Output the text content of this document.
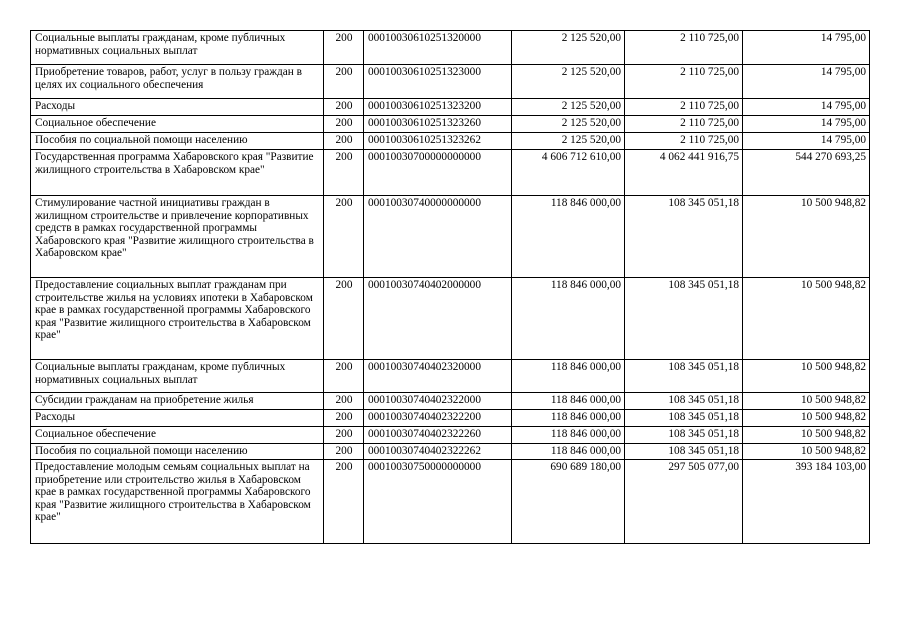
Социальные выплаты гражданам, кроме публичных нормативных социальных выплат	200	00010030610251320000	2 125 520,00	2 110 725,00	14 795,00
Приобретение товаров, работ, услуг в пользу граждан в целях их социального обеспечения	200	00010030610251323000	2 125 520,00	2 110 725,00	14 795,00
Расходы	200	00010030610251323200	2 125 520,00	2 110 725,00	14 795,00
Социальное обеспечение	200	00010030610251323260	2 125 520,00	2 110 725,00	14 795,00
Пособия по социальной помощи населению	200	00010030610251323262	2 125 520,00	2 110 725,00	14 795,00
Государственная программа Хабаровского края "Развитие жилищного строительства в Хабаровском крае"	200	00010030700000000000	4 606 712 610,00	4 062 441 916,75	544 270 693,25
Стимулирование частной инициативы граждан в жилищном строительстве и привлечение корпоративных средств в рамках государственной программы Хабаровского края "Развитие жилищного строительства в Хабаровском крае"	200	00010030740000000000	118 846 000,00	108 345 051,18	10 500 948,82
Предоставление социальных выплат гражданам при строительстве жилья на условиях ипотеки в Хабаровском крае в рамках государственной программы Хабаровского края "Развитие жилищного строительства в Хабаровском крае"	200	00010030740402000000	118 846 000,00	108 345 051,18	10 500 948,82
Социальные выплаты гражданам, кроме публичных нормативных социальных выплат	200	00010030740402320000	118 846 000,00	108 345 051,18	10 500 948,82
Субсидии гражданам на приобретение жилья	200	00010030740402322000	118 846 000,00	108 345 051,18	10 500 948,82
Расходы	200	00010030740402322200	118 846 000,00	108 345 051,18	10 500 948,82
Социальное обеспечение	200	00010030740402322260	118 846 000,00	108 345 051,18	10 500 948,82
Пособия по социальной помощи населению	200	00010030740402322262	118 846 000,00	108 345 051,18	10 500 948,82
Предоставление молодым семьям социальных выплат на приобретение или строительство жилья в Хабаровском крае в рамках государственной программы Хабаровского края "Развитие жилищного строительства в Хабаровском крае"	200	00010030750000000000	690 689 180,00	297 505 077,00	393 184 103,00
